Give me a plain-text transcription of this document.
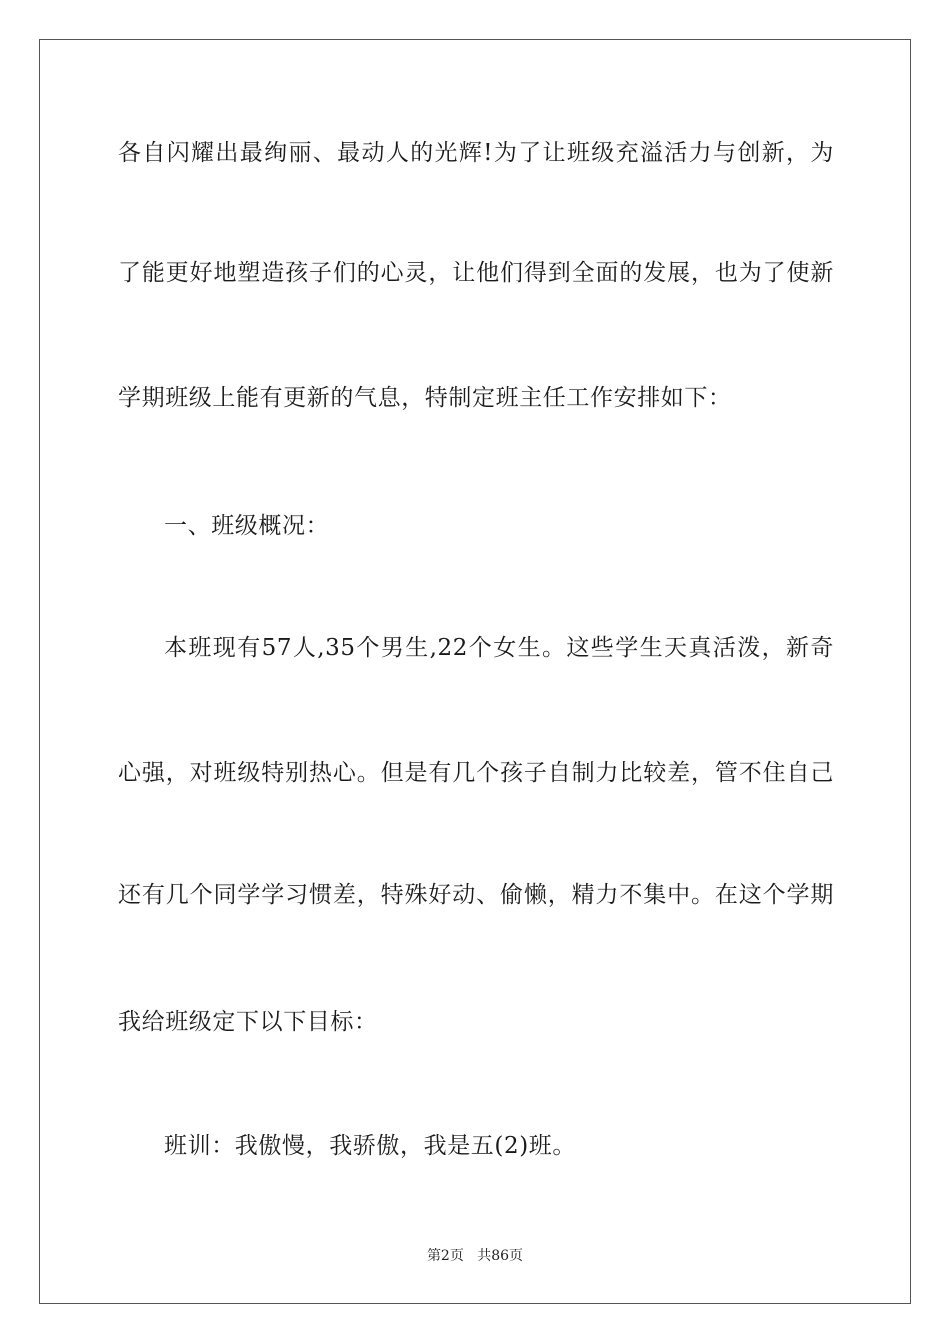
各自闪耀出最绚丽、最动人的光辉!为了让班级充溢活力与创新，为
了能更好地塑造孩子们的心灵，让他们得到全面的发展，也为了使新
学期班级上能有更新的气息，特制定班主任工作安排如下：
一、班级概况：
本班现有57人,35个男生,22个女生。这些学生天真活泼，新奇
心强，对班级特别热心。但是有几个孩子自制力比较差，管不住自己
还有几个同学学习惯差，特殊好动、偷懒，精力不集中。在这个学期
我给班级定下以下目标：
班训：我傲慢，我骄傲，我是五(2)班。
第2页 共86页
